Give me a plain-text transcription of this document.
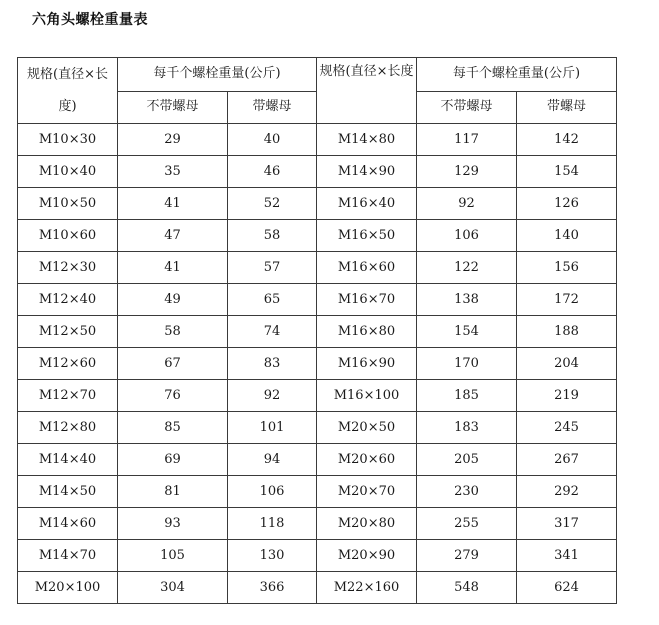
六角头螺栓重量表
规格(直径×长度)	每千个螺栓重量(公斤)		规格(直径×长度	每千个螺栓重量(公斤)	
	不带螺母	带螺母		不带螺母	带螺母
M10×30	29	40	M14×80	117	142
M10×40	35	46	M14×90	129	154
M10×50	41	52	M16×40	92	126
M10×60	47	58	M16×50	106	140
M12×30	41	57	M16×60	122	156
M12×40	49	65	M16×70	138	172
M12×50	58	74	M16×80	154	188
M12×60	67	83	M16×90	170	204
M12×70	76	92	M16×100	185	219
M12×80	85	101	M20×50	183	245
M14×40	69	94	M20×60	205	267
M14×50	81	106	M20×70	230	292
M14×60	93	118	M20×80	255	317
M14×70	105	130	M20×90	279	341
M20×100	304	366	M22×160	548	624
